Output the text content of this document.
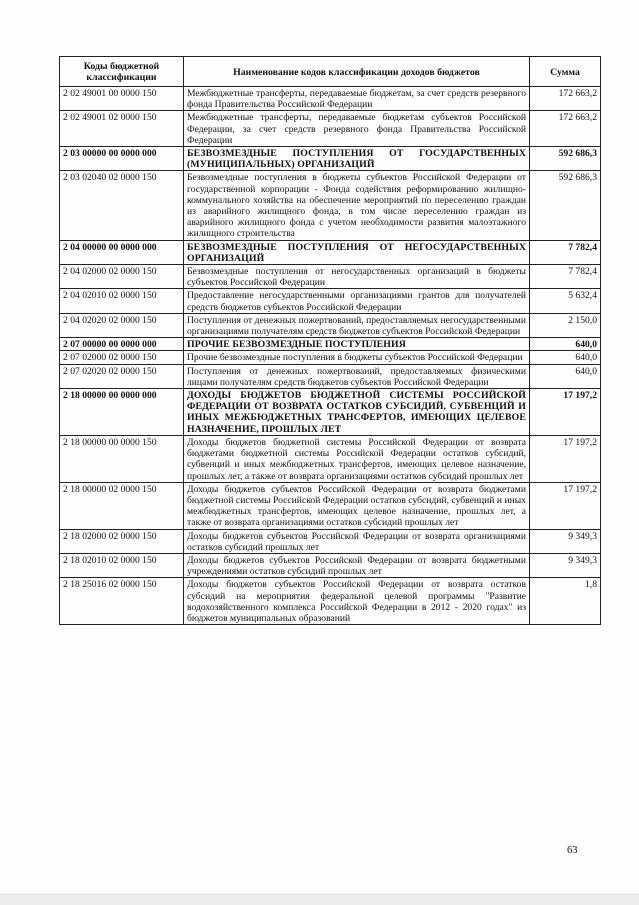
Коды бюджетной классификации	Наименование кодов классификации доходов бюджетов	Сумма
2 02 49001 00 0000 150	Межбюджетные трансферты, передаваемые бюджетам, за счет средств резервного фонда Правительства Российской Федерации	172 663,2
2 02 49001 02 0000 150	Межбюджетные трансферты, передаваемые бюджетам субъектов Российской Федерации, за счет средств резервного фонда Правительства Российской Федерации	172 663,2
2 03 00000 00 0000 000	БЕЗВОЗМЕЗДНЫЕ ПОСТУПЛЕНИЯ ОТ ГОСУДАРСТВЕННЫХ (МУНИЦИПАЛЬНЫХ) ОРГАНИЗАЦИЙ	592 686,3
2 03 02040 02 0000 150	Безвозмездные поступления в бюджеты субъектов Российской Федерации от государственной корпорации - Фонда содействия реформированию жилищно-коммунального хозяйства на обеспечение мероприятий по переселению граждан из аварийного жилищного фонда, в том числе переселению граждан из аварийного жилищного фонда с учетом необходимости развития малоэтажного жилищного строительства	592 686,3
2 04 00000 00 0000 000	БЕЗВОЗМЕЗДНЫЕ ПОСТУПЛЕНИЯ ОТ НЕГОСУДАРСТВЕННЫХ ОРГАНИЗАЦИЙ	7 782,4
2 04 02000 02 0000 150	Безвозмездные поступления от негосударственных организаций в бюджеты субъектов Российской Федерации	7 782,4
2 04 02010 02 0000 150	Предоставление негосударственными организациями грантов для получателей средств бюджетов субъектов Российской Федерации	5 632,4
2 04 02020 02 0000 150	Поступления от денежных пожертвований, предоставляемых негосударственными организациями получателям средств бюджетов субъектов Российской Федерации	2 150,0
2 07 00000 00 0000 000	ПРОЧИЕ БЕЗВОЗМЕЗДНЫЕ ПОСТУПЛЕНИЯ	640,0
2 07 02000 02 0000 150	Прочие безвозмездные поступления в бюджеты субъектов Российской Федерации	640,0
2 07 02020 02 0000 150	Поступления от денежных пожертвований, предоставляемых физическими лицами получателям средств бюджетов субъектов Российской Федерации	640,0
2 18 00000 00 0000 000	ДОХОДЫ БЮДЖЕТОВ БЮДЖЕТНОЙ СИСТЕМЫ РОССИЙСКОЙ ФЕДЕРАЦИИ ОТ ВОЗВРАТА ОСТАТКОВ СУБСИДИЙ, СУБВЕНЦИЙ И ИНЫХ МЕЖБЮДЖЕТНЫХ ТРАНСФЕРТОВ, ИМЕЮЩИХ ЦЕЛЕВОЕ НАЗНАЧЕНИЕ, ПРОШЛЫХ ЛЕТ	17 197,2
2 18 00000 00 0000 150	Доходы бюджетов бюджетной системы Российской Федерации от возврата бюджетами бюджетной системы Российской Федерации остатков субсидий, субвенций и иных межбюджетных трансфертов, имеющих целевое назначение, прошлых лет, а также от возврата организациями остатков субсидий прошлых лет	17 197,2
2 18 00000 02 0000 150	Доходы бюджетов субъектов Российской Федерации от возврата бюджетами бюджетной системы Российской Федерации остатков субсидий, субвенций и иных межбюджетных трансфертов, имеющих целевое назначение, прошлых лет, а также от возврата организациями остатков субсидий прошлых лет	17 197,2
2 18 02000 02 0000 150	Доходы бюджетов субъектов Российской Федерации от возврата организациями остатков субсидий прошлых лет	9 349,3
2 18 02010 02 0000 150	Доходы бюджетов субъектов Российской Федерации от возврата бюджетными учреждениями остатков субсидий прошлых лет	9 349,3
2 18 25016 02 0000 150	Доходы бюджетов субъектов Российской Федерации от возврата остатков субсидий на мероприятия федеральной целевой программы "Развитие водохозяйственного комплекса Российской Федерации в 2012 - 2020 годах" из бюджетов муниципальных образований	1,8
63
